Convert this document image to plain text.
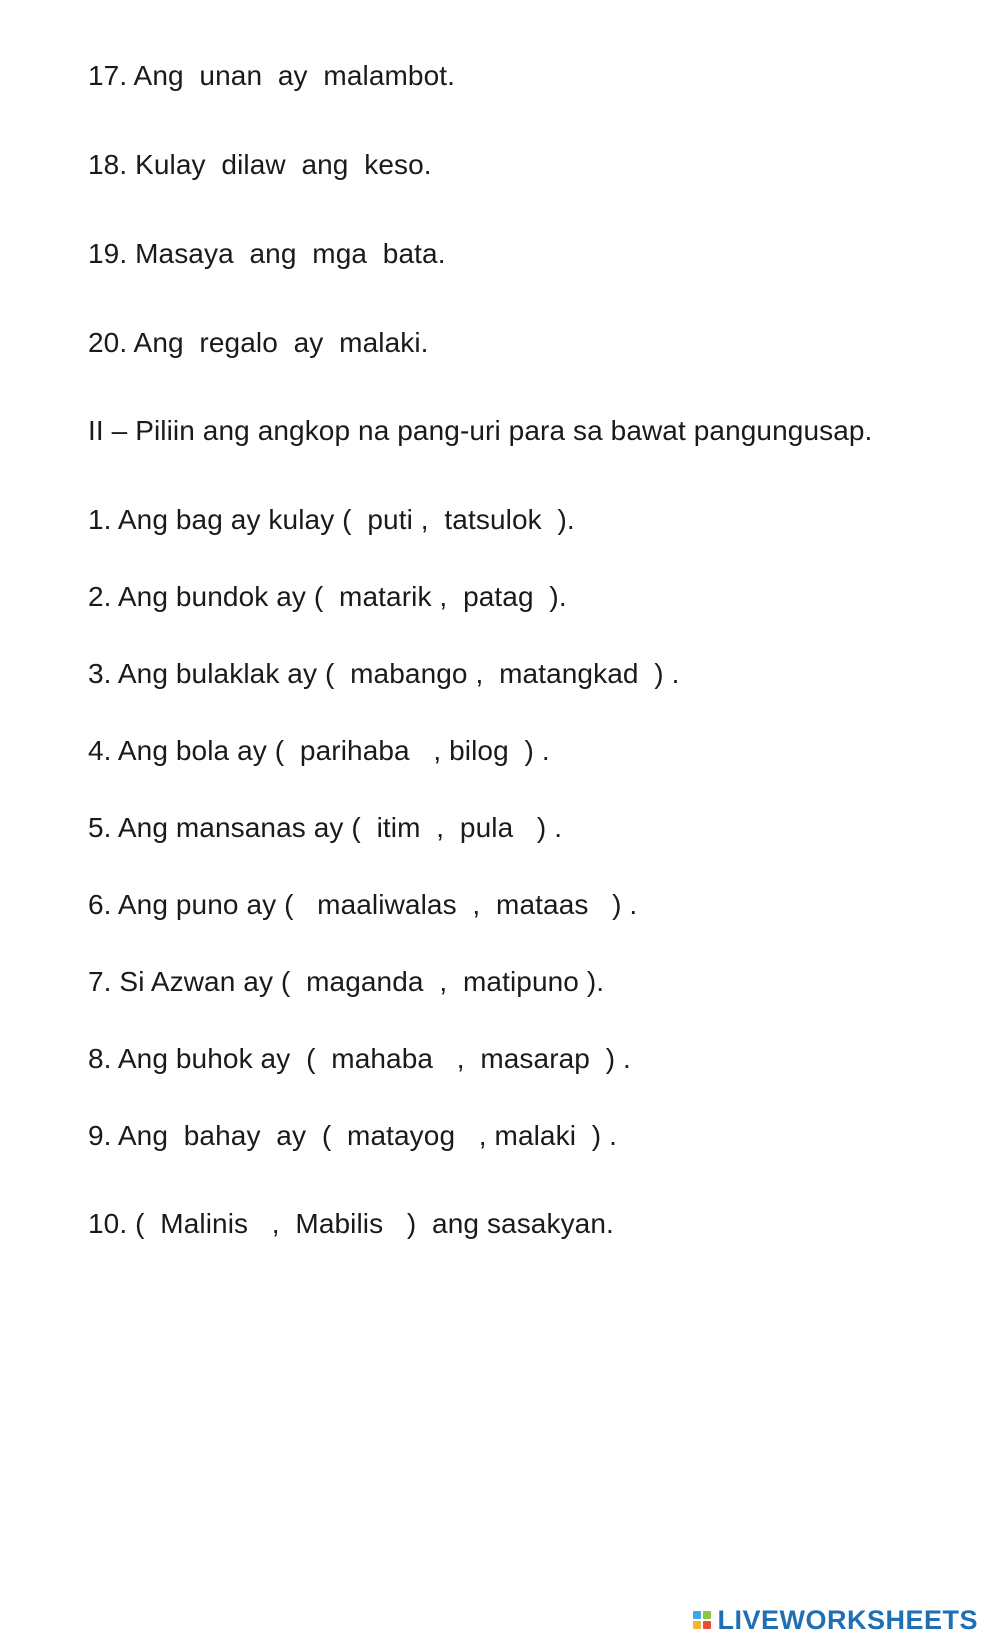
17. Ang  unan  ay  malambot.
18. Kulay  dilaw  ang  keso.
19. Masaya  ang  mga  bata.
20. Ang  regalo  ay  malaki.
II – Piliin ang angkop na pang-uri para sa bawat pangungusap.
1. Ang bag ay kulay (  puti ,  tatsulok  ).
2. Ang bundok ay (  matarik ,  patag  ).
3. Ang bulaklak ay (  mabango ,  matangkad  ) .
4. Ang bola ay (  parihaba   , bilog  ) .
5. Ang mansanas ay (  itim  ,  pula   ) .
6. Ang puno ay (   maaliwalas  ,  mataas   ) .
7. Si Azwan ay (  maganda  ,  matipuno ).
8. Ang buhok ay  (  mahaba   ,  masarap  ) .
9. Ang  bahay  ay  (  matayog   , malaki  ) .
10. (  Malinis   ,  Mabilis   )  ang sasakyan.
LIVEWORKSHEETS
